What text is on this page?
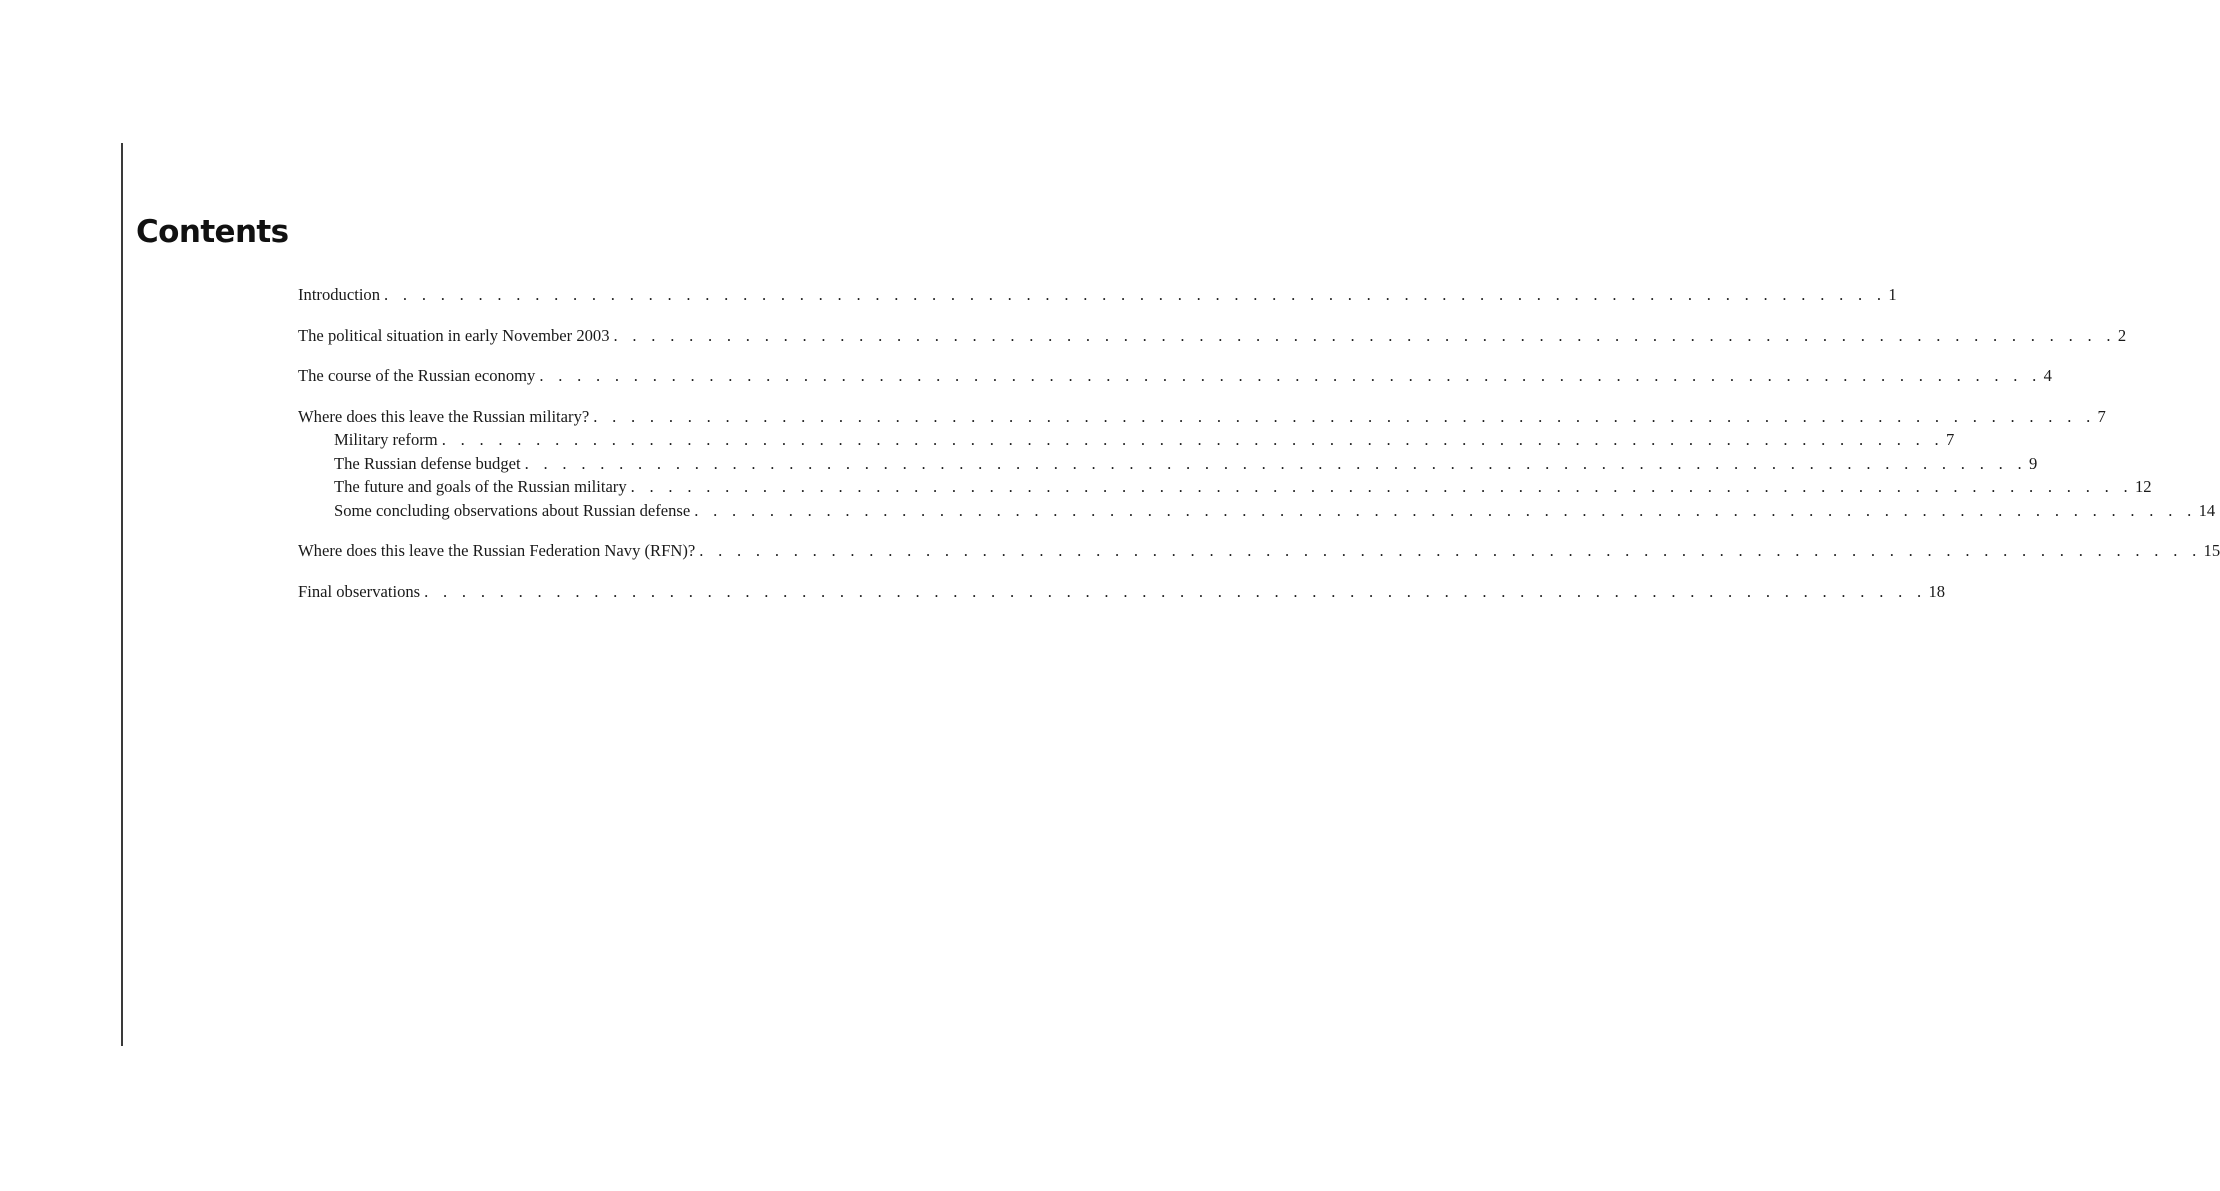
Contents
Introduction . . . . . . . . . . . . . . . . . . . . . . . . . . . . . . . . . . . . . . . . . . . . . . . . . . . . . . . . . . . . . . . . . . . . . . . . . . . . . . . . 1
The political situation in early November 2003 . . . . . . . . . . . . . . . . . . . . . . . . . . . . . . . . . . . . . . . . . . . . . . . . . . . . . . . . . . . . . . . . . . . . . . . . . . . . . . . . 2
The course of the Russian economy . . . . . . . . . . . . . . . . . . . . . . . . . . . . . . . . . . . . . . . . . . . . . . . . . . . . . . . . . . . . . . . . . . . . . . . . . . . . . . . . 4
Where does this leave the Russian military? . . . . . . . . . . . . . . . . . . . . . . . . . . . . . . . . . . . . . . . . . . . . . . . . . . . . . . . . . . . . . . . . . . . . . . . . . . . . . . . . 7
Military reform . . . . . . . . . . . . . . . . . . . . . . . . . . . . . . . . . . . . . . . . . . . . . . . . . . . . . . . . . . . . . . . . . . . . . . . . . . . . . . . . 7
The Russian defense budget . . . . . . . . . . . . . . . . . . . . . . . . . . . . . . . . . . . . . . . . . . . . . . . . . . . . . . . . . . . . . . . . . . . . . . . . . . . . . . . . 9
The future and goals of the Russian military . . . . . . . . . . . . . . . . . . . . . . . . . . . . . . . . . . . . . . . . . . . . . . . . . . . . . . . . . . . . . . . . . . . . . . . . . . . . . . . . 12
Some concluding observations about Russian defense . . . . . . . . . . . . . . . . . . . . . . . . . . . . . . . . . . . . . . . . . . . . . . . . . . . . . . . . . . . . . . . . . . . . . . . . . . . . . . . . 14
Where does this leave the Russian Federation Navy (RFN)? . . . . . . . . . . . . . . . . . . . . . . . . . . . . . . . . . . . . . . . . . . . . . . . . . . . . . . . . . . . . . . . . . . . . . . . . . . . . . . . . 15
Final observations . . . . . . . . . . . . . . . . . . . . . . . . . . . . . . . . . . . . . . . . . . . . . . . . . . . . . . . . . . . . . . . . . . . . . . . . . . . . . . . . 18
